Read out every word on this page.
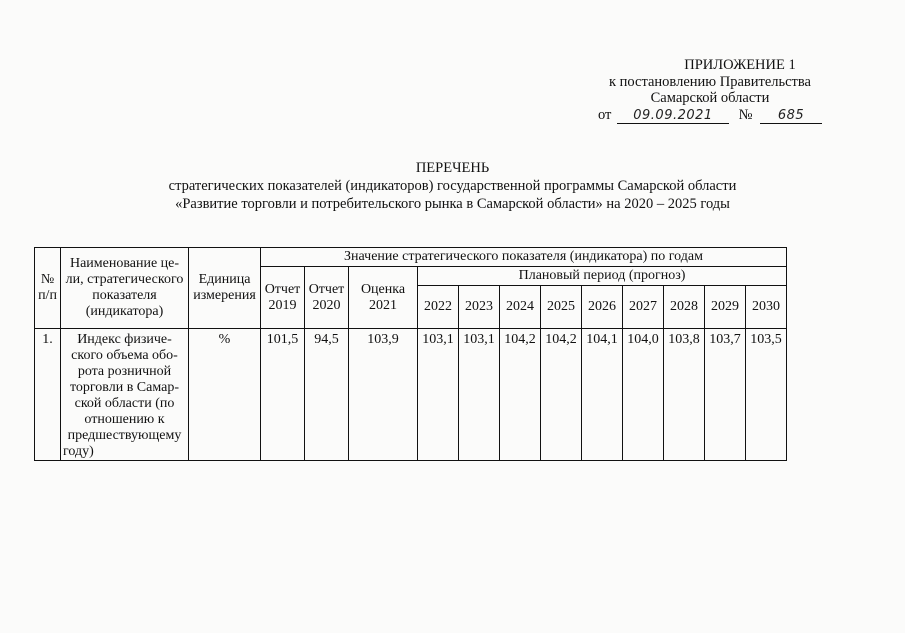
ПРИЛОЖЕНИЕ 1
к постановлению Правительства
Самарской области
от 09.09.2021 № 685
ПЕРЕЧЕНЬ
стратегических показателей (индикаторов) государственной программы Самарской области
«Развитие торговли и потребительского рынка в Самарской области» на 2020 – 2025 годы
№ п/п	Наименование це-ли, стратегического показателя (индикатора)	Единица измерения	Значение стратегического показателя (индикатора) по годам											
			Отчет 2019	Отчет 2020	Оценка 2021	Плановый период (прогноз)								
						2022	2023	2024	2025	2026	2027	2028	2029	2030
1.	Индекс физиче-ского объема обо-рота розничной торговли в Самар-ской области (по отношению к предшествующему году)	%	101,5	94,5	103,9	103,1	103,1	104,2	104,2	104,1	104,0	103,8	103,7	103,5
